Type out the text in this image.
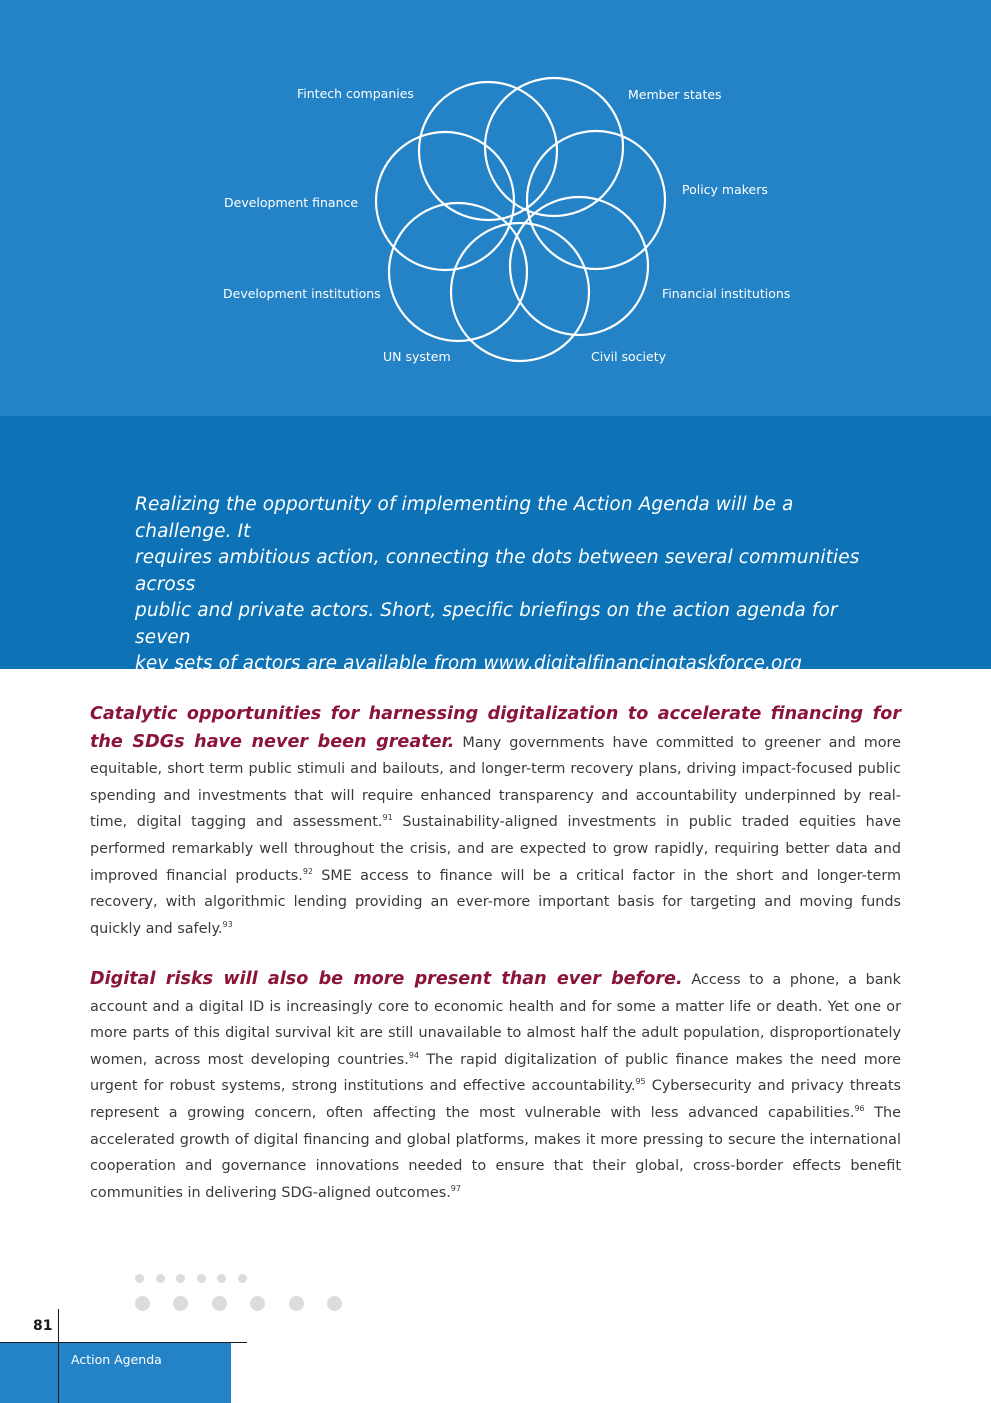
Fintech companies	Member states
Development finance
Policy makers
Development institutions	Financial institutions
UN system	Civil society
Realizing the opportunity of implementing the Action Agenda will be a challenge. It
requires ambitious action, connecting the dots between several communities across
public and private actors. Short, specific briefings on the action agenda for seven
key sets of actors are available from www.digitalfinancingtaskforce.org
Catalytic opportunities for harnessing digitalization to accelerate financing for the SDGs have never been greater. Many governments have committed to greener and more equitable, short term public stimuli and bailouts, and longer-term recovery plans, driving impact-focused public spending and investments that will require enhanced transparency and accountability underpinned by real-time, digital tagging and assessment.$^{91}$ Sustainability-aligned investments in public traded equities have performed remarkably well throughout the crisis, and are expected to grow rapidly, requiring better data and improved financial products.$^{92}$ SME access to finance will be a critical factor in the short and longer-term recovery, with algorithmic lending providing an ever-more important basis for targeting and moving funds quickly and safely.$^{93}$
Digital risks will also be more present than ever before. Access to a phone, a bank account and a digital ID is increasingly core to economic health and for some a matter life or death. Yet one or more parts of this digital survival kit are still unavailable to almost half the adult population, disproportionately women, across most developing countries.$^{94}$ The rapid digitalization of public finance makes the need more urgent for robust systems, strong institutions and effective accountability.$^{95}$ Cybersecurity and privacy threats represent a growing concern, often affecting the most vulnerable with less advanced capabilities.$^{96}$ The accelerated growth of digital financing and global platforms, makes it more pressing to secure the international cooperation and governance innovations needed to ensure that their global, cross-border effects benefit communities in delivering SDG-aligned outcomes.$^{97}$
81
Action Agenda
